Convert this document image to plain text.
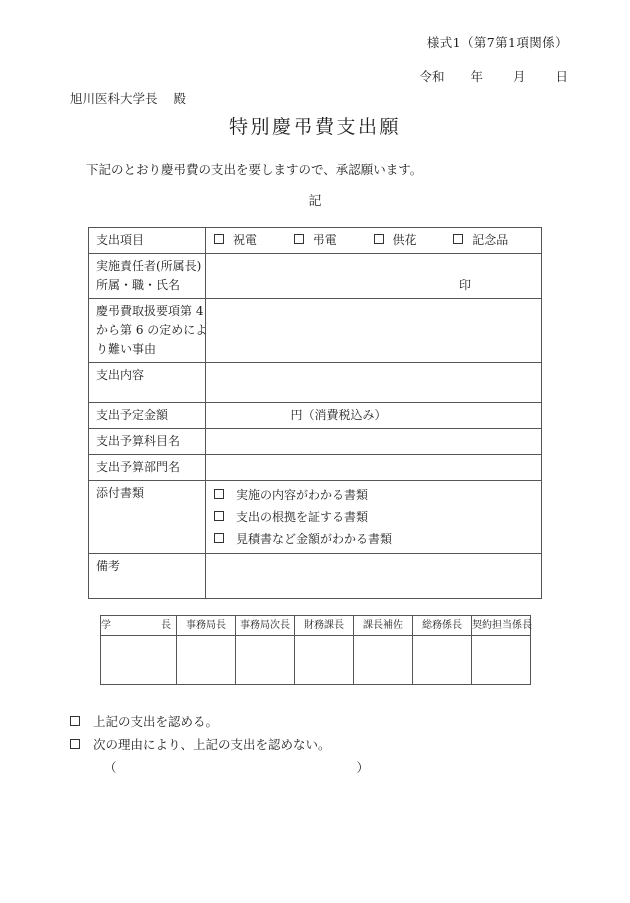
様式1（第7第1項関係）
令和 年 月 日
旭川医科大学長 殿
特別慶弔費支出願
下記のとおり慶弔費の支出を要しますので、承認願います。
記
支出項目	祝電 弔電 供花 記念品

実施責任者(所属長)
所属・職・氏名	印

慶弔費取扱要項第 4
から第 6 の定めによ
り難い事由	

支出内容	
支出予定金額	円（消費税込み）

支出予算科目名	
支出予算部門名	
添付書類	実施の内容がわかる書類
支出の根拠を証する書類
見積書など金額がわかる書類

備考	
学　　長	事務局長	事務局次長	財務課長	課長補佐	総務係長	契約担当係長

上記の支出を認める。
次の理由により、上記の支出を認めない。
（	）
